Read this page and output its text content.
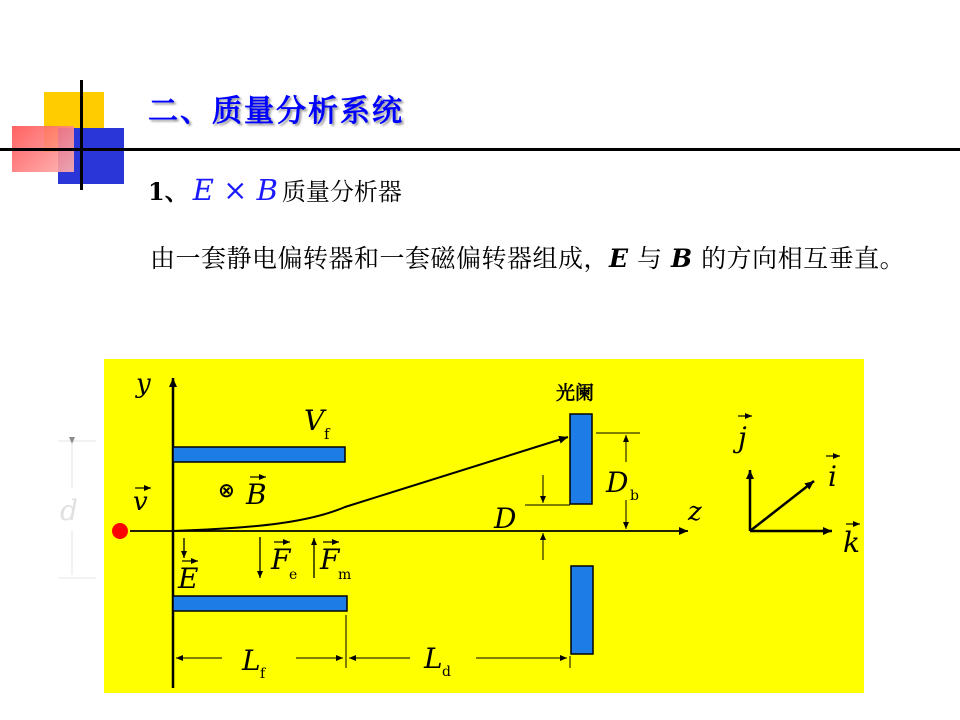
二、质量分析系统
1、 E × B 质量分析器
由一套静电偏转器和一套磁偏转器组成，E 与 B 的方向相互垂直。
d
y
z
v
V f
⊗ B
E
F
e F
m
光阑
D
D b
L f	L d
j
i
k
